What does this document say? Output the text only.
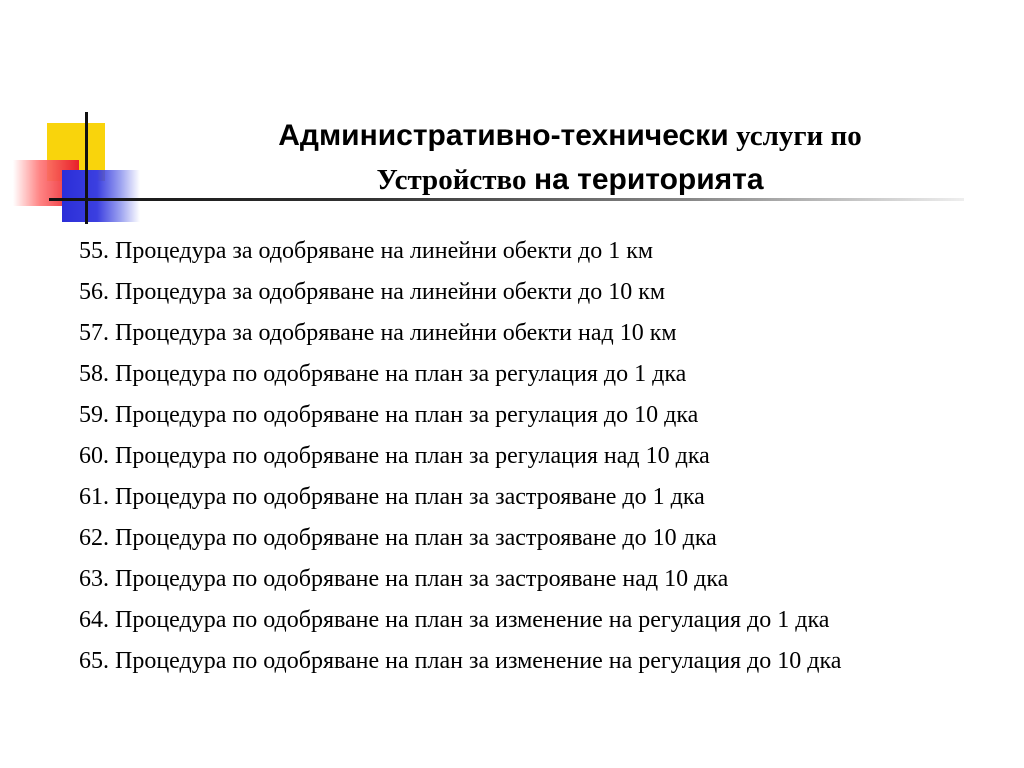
Административно-технически услуги по
Устройство на територията
55. Процедура за одобряване на линейни обекти до 1 км
56. Процедура за одобряване на линейни обекти до 10 км
57. Процедура за одобряване на линейни обекти над 10 км
58. Процедура по одобряване на план за регулация до 1 дка
59. Процедура по одобряване на план за регулация до 10 дка
60. Процедура по одобряване на план за регулация над 10 дка
61. Процедура по одобряване на план за застрояване до 1 дка
62. Процедура по одобряване на план за застрояване до 10 дка
63. Процедура по одобряване на план за застрояване над 10 дка
64. Процедура по одобряване на план за изменение на регулация до 1 дка
65. Процедура по одобряване на план за изменение на регулация до 10 дка
